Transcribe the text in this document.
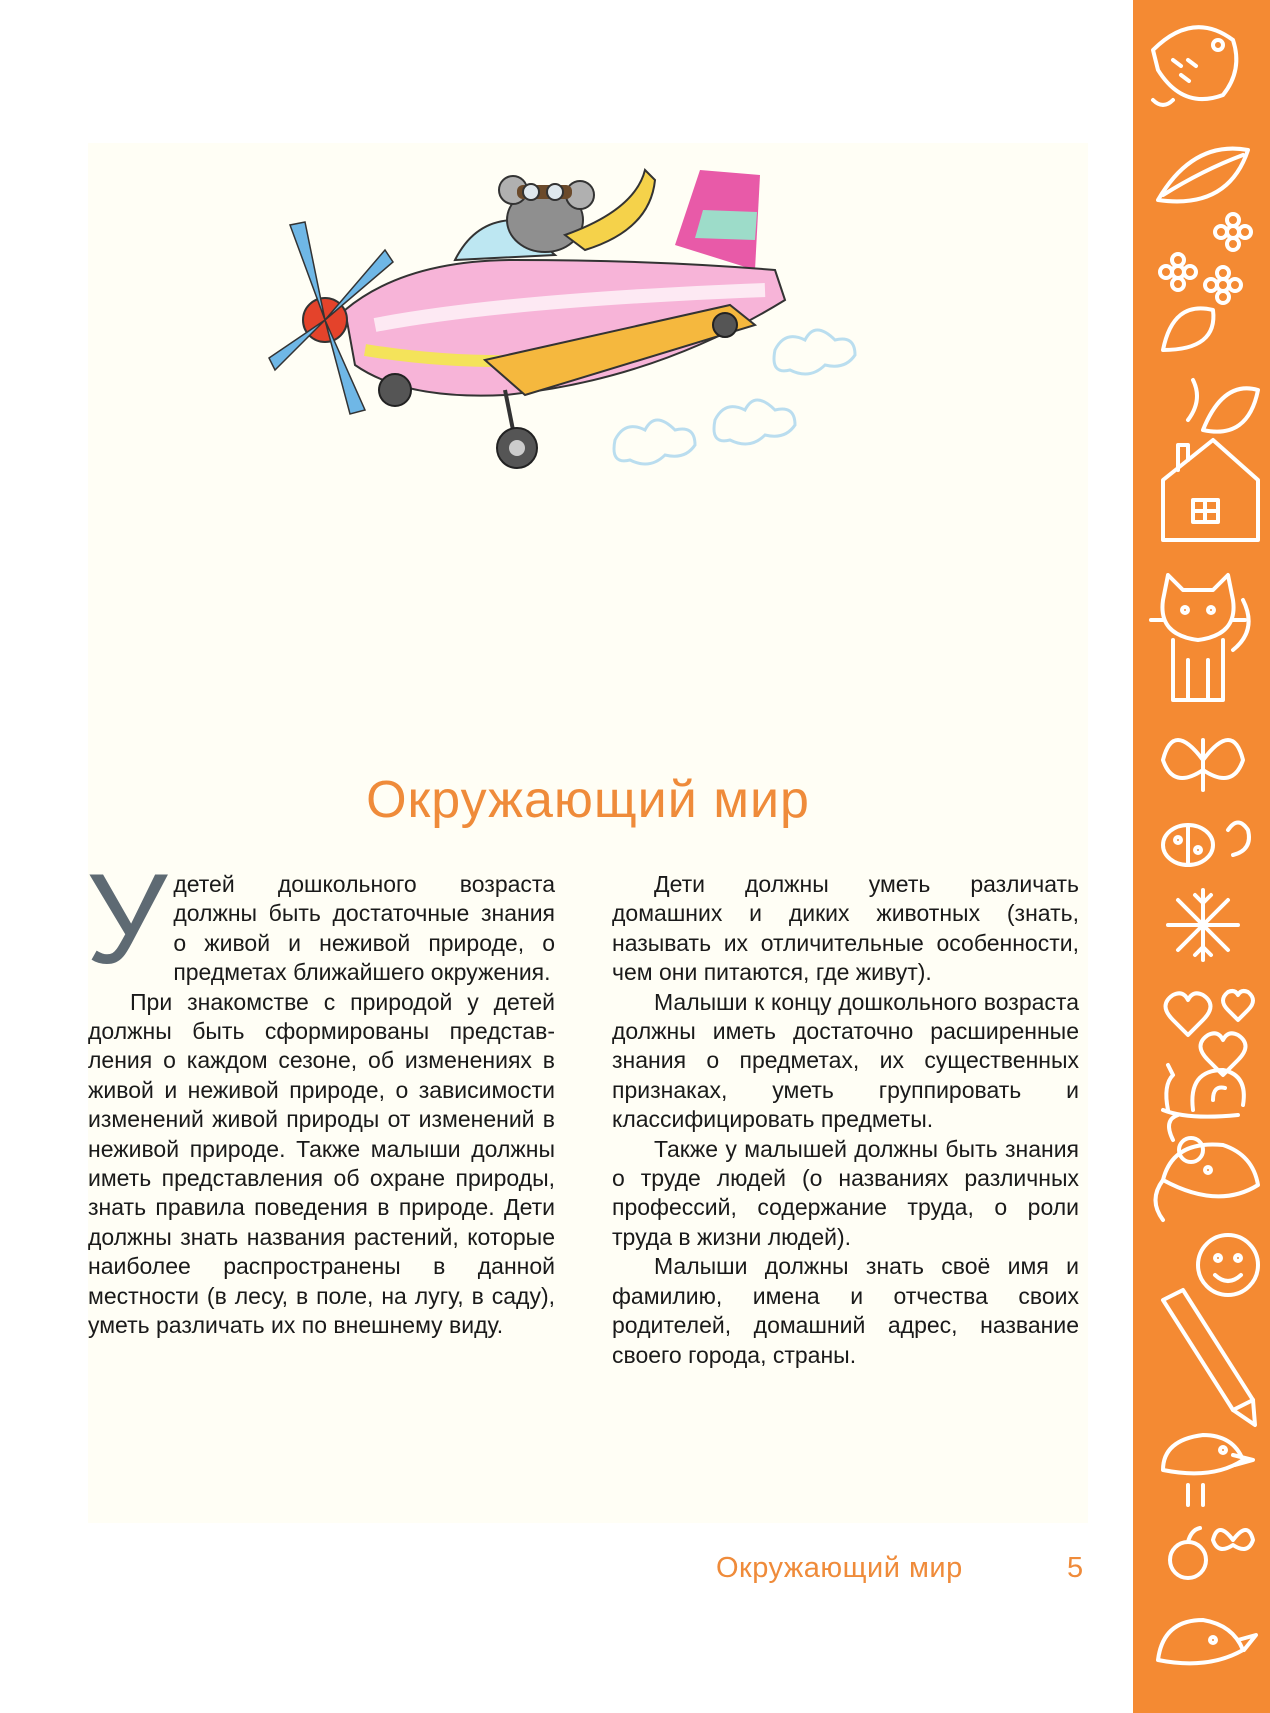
Окружающий мир

Удетей дошкольного возраста должны быть достаточные знания о живой и неживой природе, о предметах ближайшего окружения.

При знакомстве с природой у детей должны быть сформированы представления о каждом сезоне, об изменениях в живой и неживой природе, о зависимости изменений живой природы от изменений в неживой природе. Также малыши должны иметь представления об охране природы, знать правила поведения в природе. Дети должны знать названия растений, которые наиболее распространены в данной местности (в лесу, в поле, на лугу, в саду), уметь различать их по внешнему виду.

Дети должны уметь различать домашних и диких животных (знать, называть их отличительные особенности, чем они питаются, где живут).

Малыши к концу дошкольного возраста должны иметь достаточно расширенные знания о предметах, их существенных признаках, уметь группировать и классифицировать предметы.

Также у малышей должны быть знания о труде людей (о названиях различных профессий, содержание труда, о роли труда в жизни людей).

Малыши должны знать своё имя и фамилию, имена и отчества своих родителей, домашний адрес, название своего города, страны.

Окружающий мир	5
